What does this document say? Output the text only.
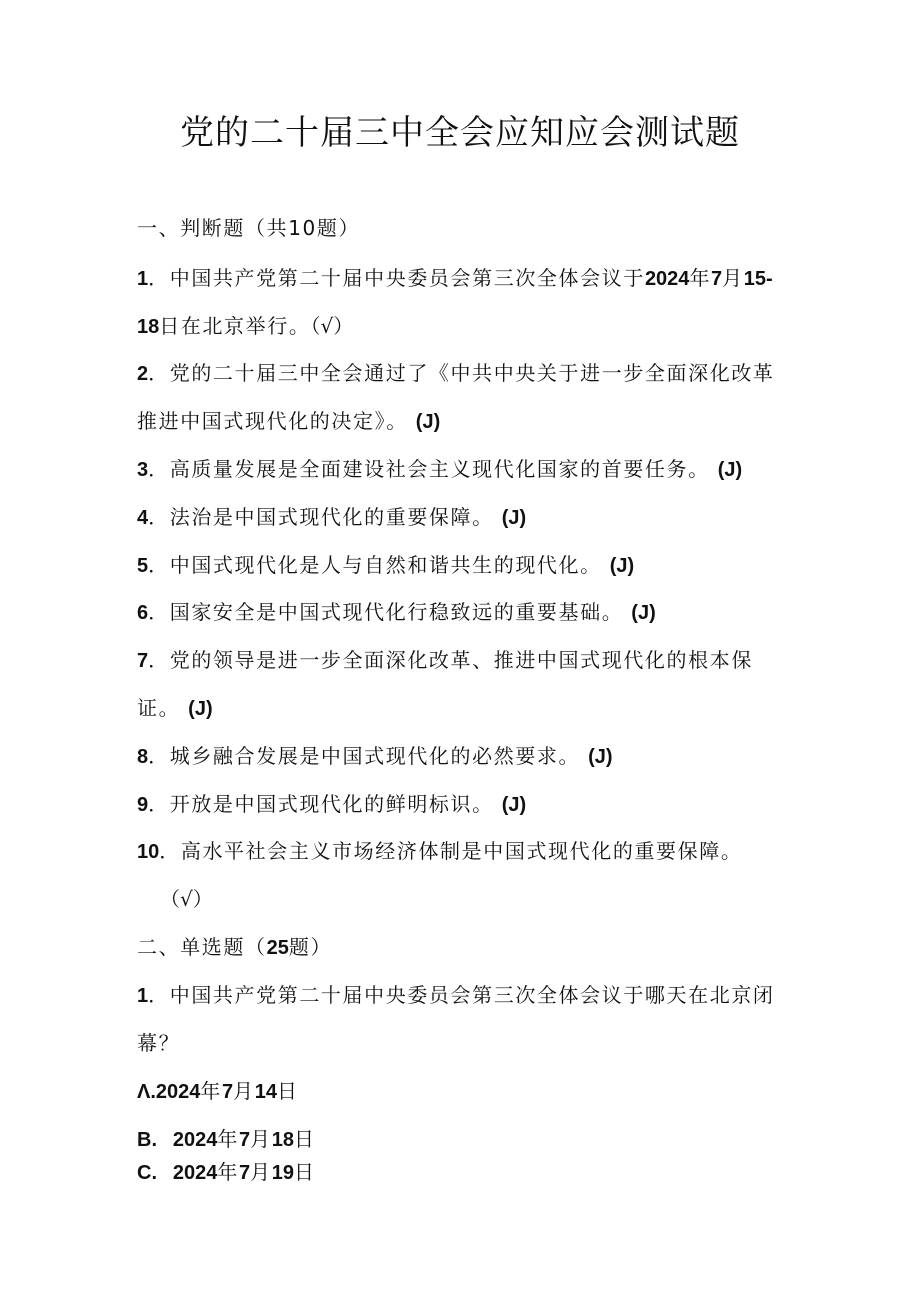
党的二十届三中全会应知应会测试题
一、判断题（共10题）
1．中国共产党第二十届中央委员会第三次全体会议于2024年7月15-
18日在北京举行。（√）
2．党的二十届三中全会通过了《中共中央关于进一步全面深化改革
推进中国式现代化的决定》。 (J)
3．高质量发展是全面建设社会主义现代化国家的首要任务。 (J)
4．法治是中国式现代化的重要保障。 (J)
5．中国式现代化是人与自然和谐共生的现代化。 (J)
6．国家安全是中国式现代化行稳致远的重要基础。 (J)
7．党的领导是进一步全面深化改革、推进中国式现代化的根本保
证。 (J)
8．城乡融合发展是中国式现代化的必然要求。 (J)
9．开放是中国式现代化的鲜明标识。 (J)
10．高水平社会主义市场经济体制是中国式现代化的重要保障。
（√）
二、单选题（25题）
1．中国共产党第二十届中央委员会第三次全体会议于哪天在北京闭
幕？
Λ.2024年7月14日
B. 2024年7月18日
C. 2024年7月19日
